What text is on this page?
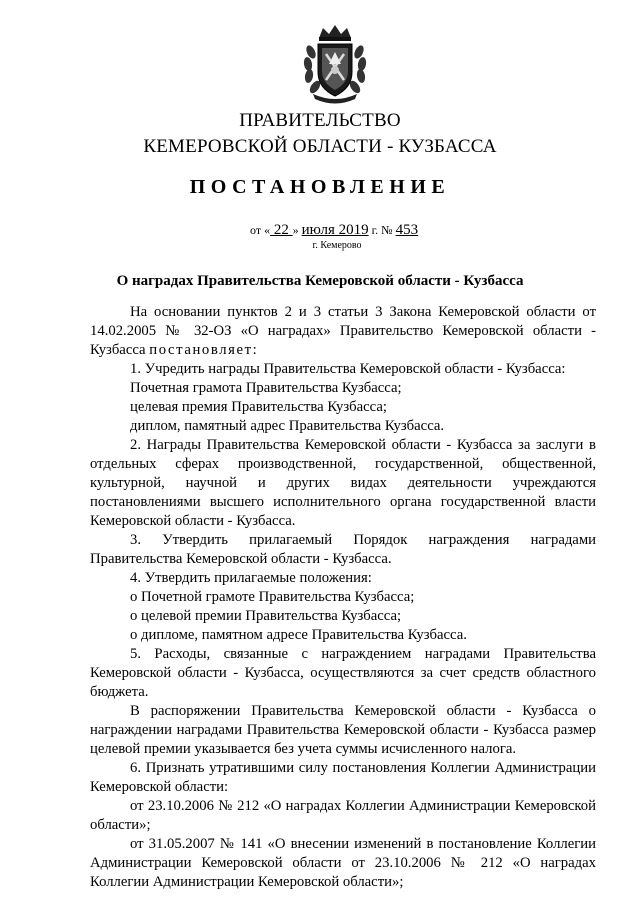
ПРАВИТЕЛЬСТВО
КЕМЕРОВСКОЙ ОБЛАСТИ - КУЗБАССА
ПОСТАНОВЛЕНИЕ
от « 22 » июля 2019 г. № 453
г. Кемерово
О наградах Правительства Кемеровской области - Кузбасса

На основании пунктов 2 и 3 статьи 3 Закона Кемеровской области от 14.02.2005 № 32-ОЗ «О наградах» Правительство Кемеровской области - Кузбасса постановляет:

1. Учредить награды Правительства Кемеровской области - Кузбасса:

Почетная грамота Правительства Кузбасса;

целевая премия Правительства Кузбасса;

диплом, памятный адрес Правительства Кузбасса.

2. Награды Правительства Кемеровской области - Кузбасса за заслуги в отдельных сферах производственной, государственной, общественной, культурной, научной и других видах деятельности учреждаются постановлениями высшего исполнительного органа государственной власти Кемеровской области - Кузбасса.

3. Утвердить прилагаемый Порядок награждения наградами Правительства Кемеровской области - Кузбасса.

4. Утвердить прилагаемые положения:

о Почетной грамоте Правительства Кузбасса;

о целевой премии Правительства Кузбасса;

о дипломе, памятном адресе Правительства Кузбасса.

5. Расходы, связанные с награждением наградами Правительства Кемеровской области - Кузбасса, осуществляются за счет средств областного бюджета.

В распоряжении Правительства Кемеровской области - Кузбасса о награждении наградами Правительства Кемеровской области - Кузбасса размер целевой премии указывается без учета суммы исчисленного налога.

6. Признать утратившими силу постановления Коллегии Администрации Кемеровской области:

от 23.10.2006 № 212 «О наградах Коллегии Администрации Кемеровской области»;

от 31.05.2007 № 141 «О внесении изменений в постановление Коллегии Администрации Кемеровской области от 23.10.2006 № 212 «О наградах Коллегии Администрации Кемеровской области»;
